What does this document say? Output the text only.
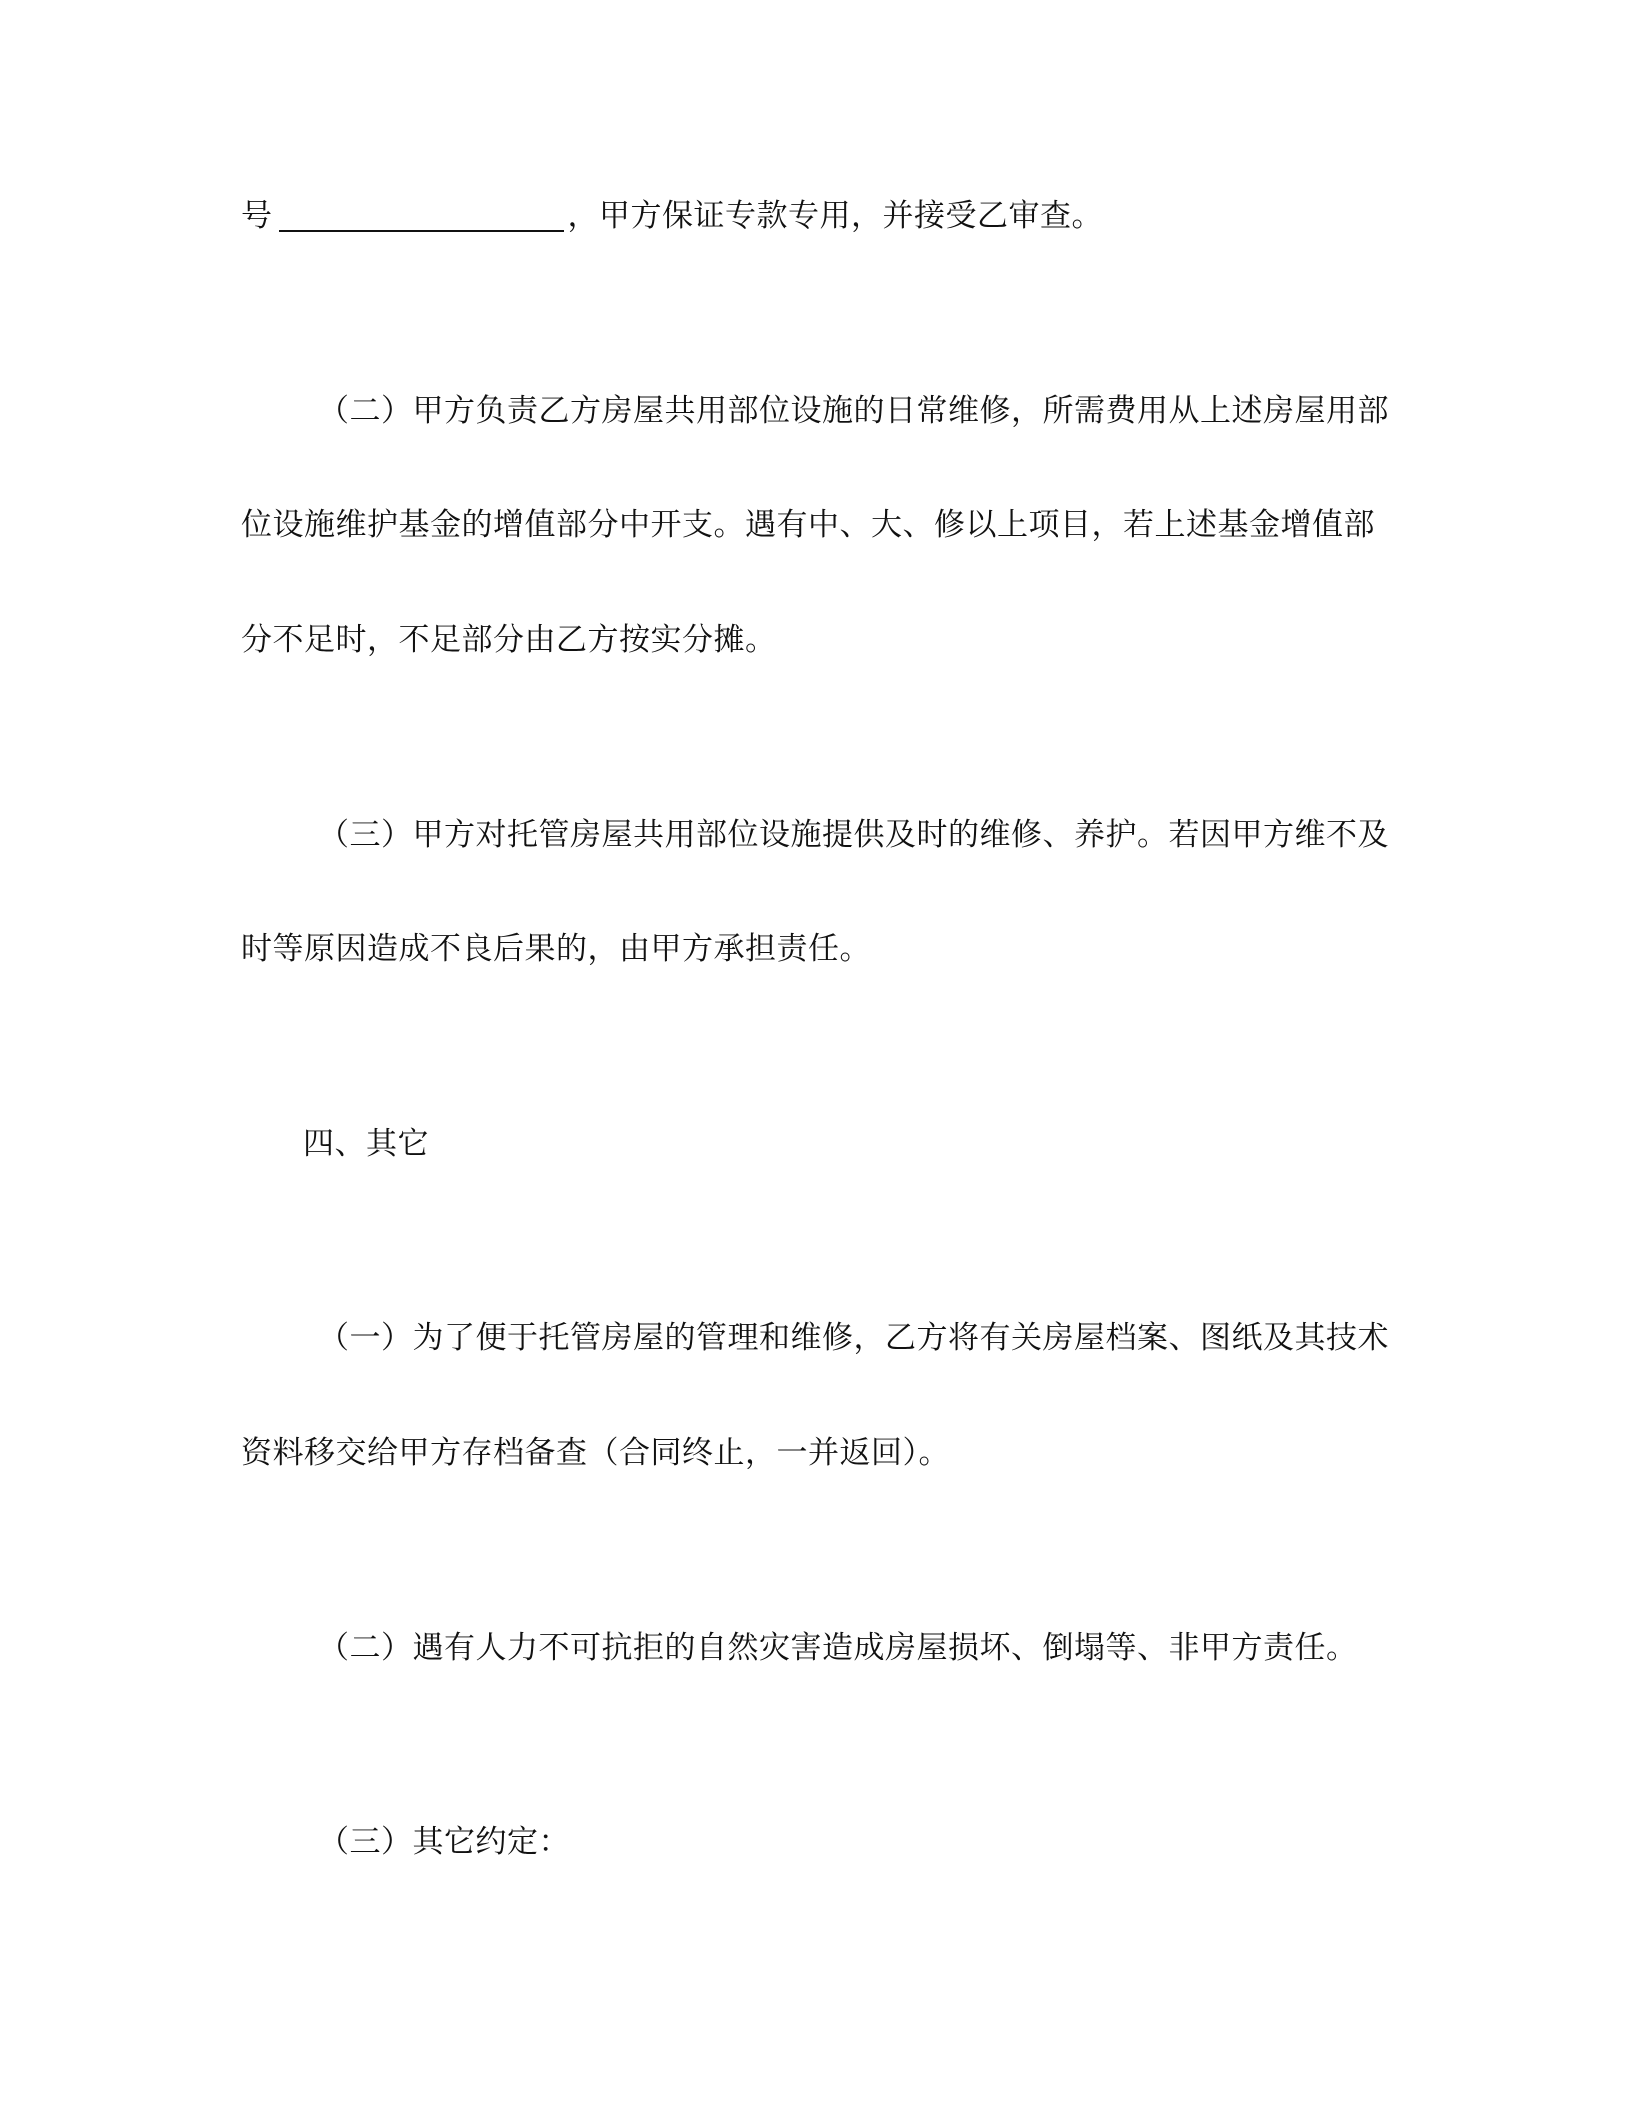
号	，甲方保证专款专用，并接受乙审查。
（二）甲方负责乙方房屋共用部位设施的日常维修，所需费用从上述房屋用部
位设施维护基金的增值部分中开支。遇有中、大、修以上项目，若上述基金增值部
分不足时，不足部分由乙方按实分摊。
（三）甲方对托管房屋共用部位设施提供及时的维修、养护。若因甲方维不及
时等原因造成不良后果的，由甲方承担责任。
四、其它
（一）为了便于托管房屋的管理和维修，乙方将有关房屋档案、图纸及其技术
资料移交给甲方存档备查（合同终止，一并返回）。
（二）遇有人力不可抗拒的自然灾害造成房屋损坏、倒塌等、非甲方责任。
（三）其它约定：
